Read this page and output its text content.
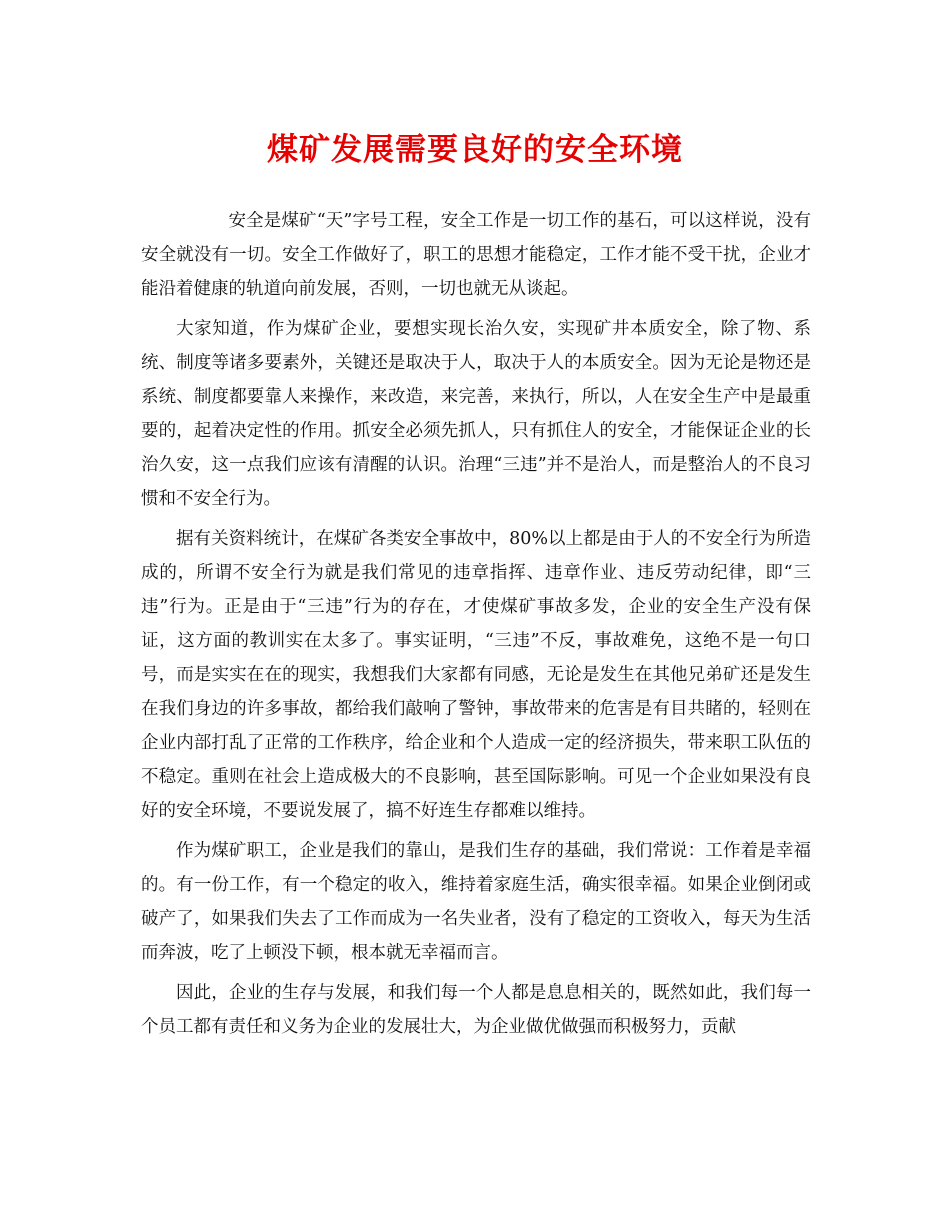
煤矿发展需要良好的安全环境

安全是煤矿“天”字号工程，安全工作是一切工作的基石，可以这样说，没有安全就没有一切。安全工作做好了，职工的思想才能稳定，工作才能不受干扰，企业才能沿着健康的轨道向前发展，否则，一切也就无从谈起。

大家知道，作为煤矿企业，要想实现长治久安，实现矿井本质安全，除了物、系统、制度等诸多要素外，关键还是取决于人，取决于人的本质安全。因为无论是物还是系统、制度都要靠人来操作，来改造，来完善，来执行，所以，人在安全生产中是最重要的，起着决定性的作用。抓安全必须先抓人，只有抓住人的安全，才能保证企业的长治久安，这一点我们应该有清醒的认识。治理“三违”并不是治人，而是整治人的不良习惯和不安全行为。

据有关资料统计，在煤矿各类安全事故中，80%以上都是由于人的不安全行为所造成的，所谓不安全行为就是我们常见的违章指挥、违章作业、违反劳动纪律，即“三违”行为。正是由于“三违”行为的存在，才使煤矿事故多发，企业的安全生产没有保证，这方面的教训实在太多了。事实证明，“三违”不反，事故难免，这绝不是一句口号，而是实实在在的现实，我想我们大家都有同感，无论是发生在其他兄弟矿还是发生在我们身边的许多事故，都给我们敲响了警钟，事故带来的危害是有目共睹的，轻则在企业内部打乱了正常的工作秩序，给企业和个人造成一定的经济损失，带来职工队伍的不稳定。重则在社会上造成极大的不良影响，甚至国际影响。可见一个企业如果没有良好的安全环境，不要说发展了，搞不好连生存都难以维持。

作为煤矿职工，企业是我们的靠山，是我们生存的基础，我们常说：工作着是幸福的。有一份工作，有一个稳定的收入，维持着家庭生活，确实很幸福。如果企业倒闭或破产了，如果我们失去了工作而成为一名失业者，没有了稳定的工资收入，每天为生活而奔波，吃了上顿没下顿，根本就无幸福而言。

因此，企业的生存与发展，和我们每一个人都是息息相关的，既然如此，我们每一个员工都有责任和义务为企业的发展壮大，为企业做优做强而积极努力，贡献
